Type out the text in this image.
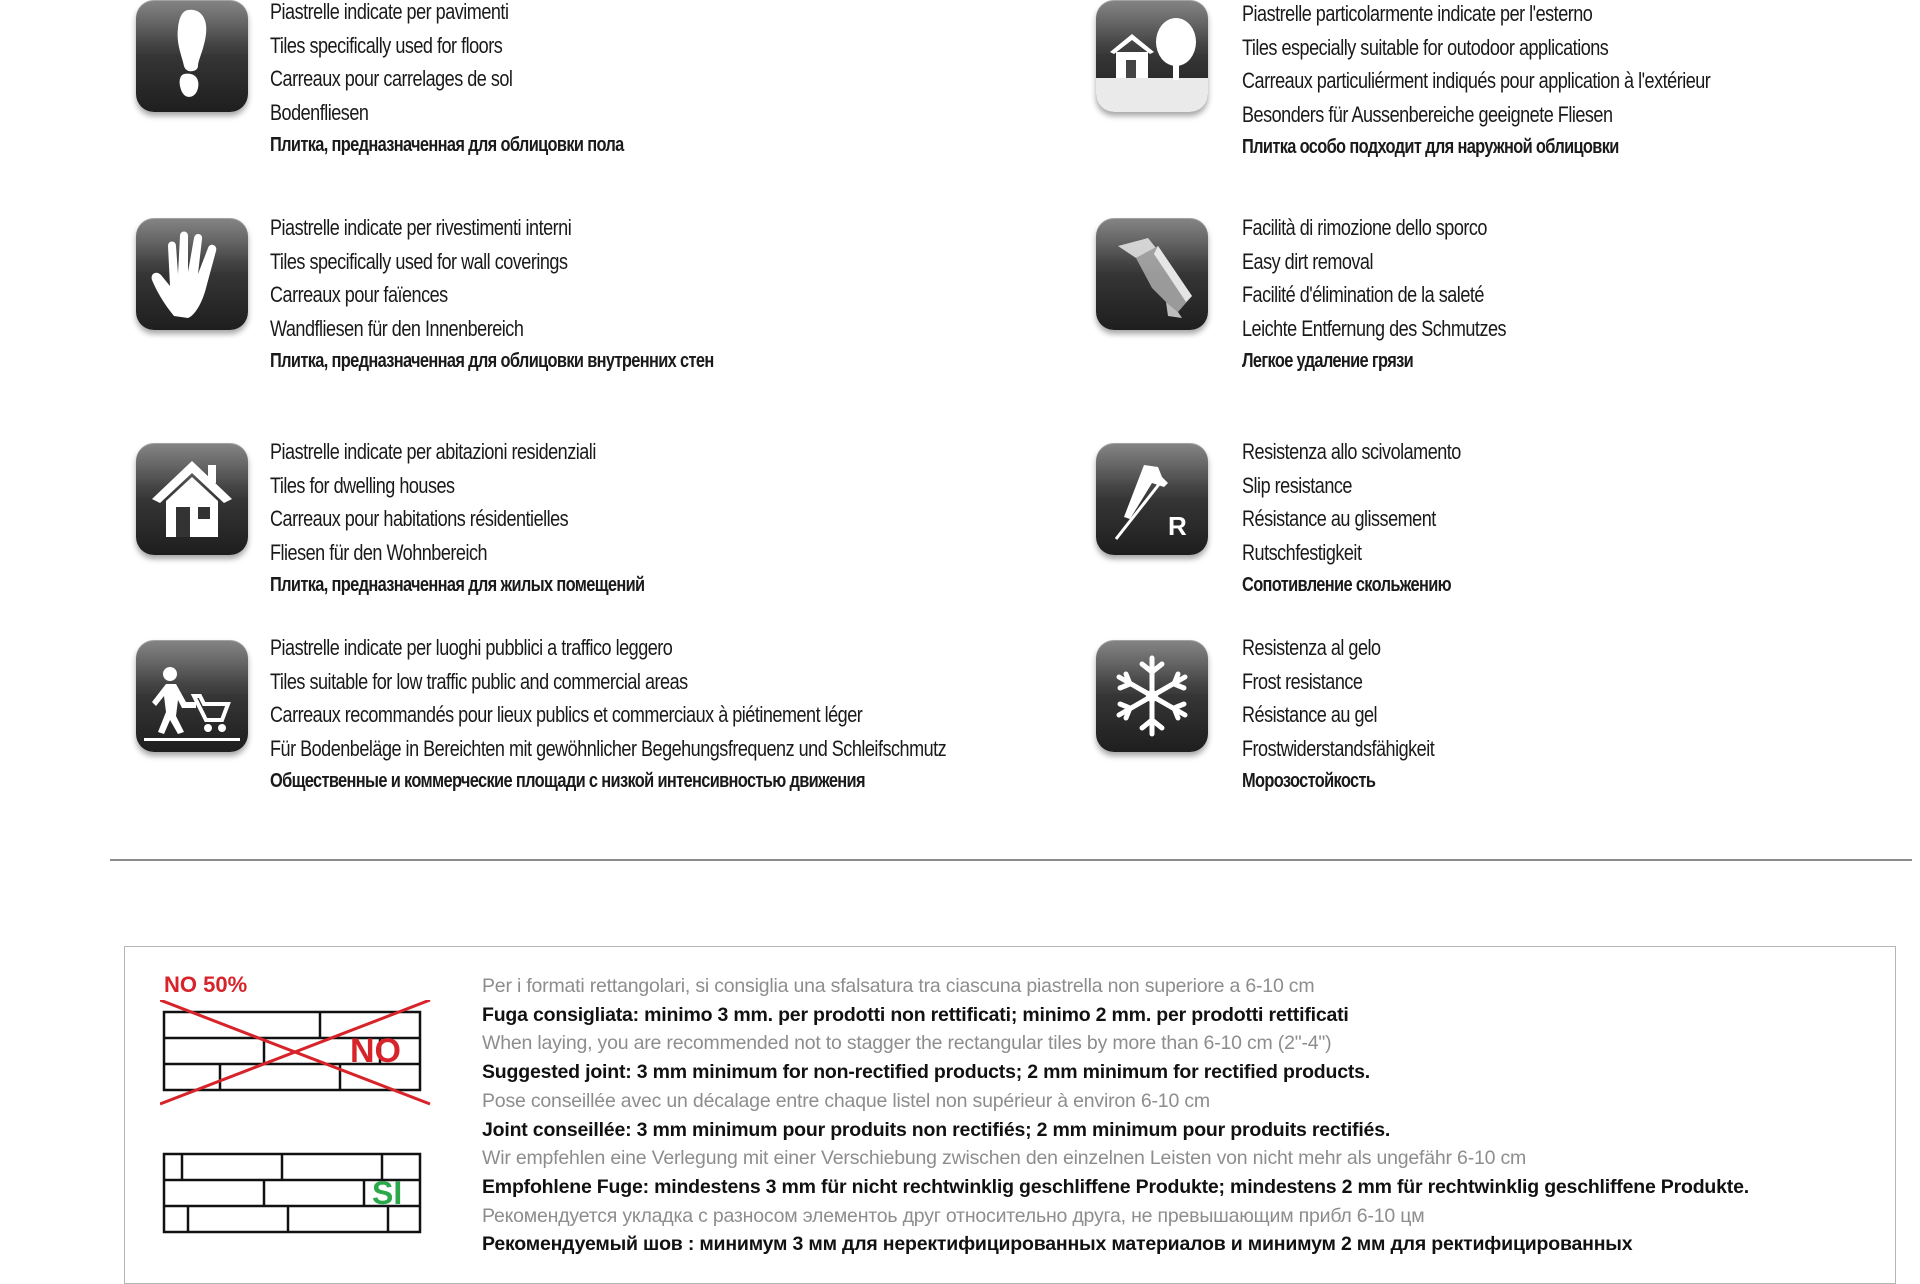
Piastrelle indicate per pavimenti
Tiles specifically used for floors
Carreaux pour carrelages de sol
Bodenfliesen
Плитка, предназначенная для облицовки пола
Piastrelle indicate per rivestimenti interni
Tiles specifically used for wall coverings
Carreaux pour faïences
Wandfliesen für den Innenbereich
Плитка, предназначенная для облицовки внутренних стен
Piastrelle indicate per abitazioni residenziali
Tiles for dwelling houses
Carreaux pour habitations résidentielles
Fliesen für den Wohnbereich
Плитка, предназначенная для жилых помещений
Piastrelle indicate per luoghi pubblici a traffico leggero
Tiles suitable for low traffic public and commercial areas
Carreaux recommandés pour lieux publics et commerciaux à piétinement léger
Für Bodenbeläge in Bereichten mit gewöhnlicher Begehungsfrequenz und Schleifschmutz
Общественные и коммерческие площади с низкой интенсивностью движения
Piastrelle particolarmente indicate per l'esterno
Tiles especially suitable for outodoor applications
Carreaux particuliérment indiqués pour application à l'extérieur
Besonders für Aussenbereiche geeignete Fliesen
Плитка особо подходит для наружной облицовки
Facilità di rimozione dello sporco
Easy dirt removal
Facilité d'élimination de la saleté
Leichte Entfernung des Schmutzes
Легкое удаление грязи
R
Resistenza allo scivolamento
Slip resistance
Résistance au glissement
Rutschfestigkeit
Сопотивление скольжению
Resistenza al gelo
Frost resistance
Résistance au gel
Frostwiderstandsfähigkeit
Морозостойкость
NO 50%
NO
SI
Per i formati rettangolari, si consiglia una sfalsatura tra ciascuna piastrella non superiore a 6-10 cm
Fuga consigliata: minimo 3 mm. per prodotti non rettificati; minimo 2 mm. per prodotti rettificati
When laying, you are recommended not to stagger the rectangular tiles by more than 6-10 cm (2"-4")
Suggested joint: 3 mm minimum for non-rectified products; 2 mm minimum for rectified products.
Pose conseillée avec un décalage entre chaque listel non supérieur à environ 6-10 cm
Joint conseillée: 3 mm minimum pour produits non rectifiés; 2 mm minimum pour produits rectifiés.
Wir empfehlen eine Verlegung mit einer Verschiebung zwischen den einzelnen Leisten von nicht mehr als ungefähr 6-10 cm
Empfohlene Fuge: mindestens 3 mm für nicht rechtwinklig geschliffene Produkte; mindestens 2 mm für rechtwinklig geschliffene Produkte.
Рекомендуется укладка с разносом элементоь друг относительно друга, не превышающим прибл 6-10 цм
Рекомендуемый шов : минимум 3 мм для неректифицированных материалов и минимум 2 мм для ректифицированных
